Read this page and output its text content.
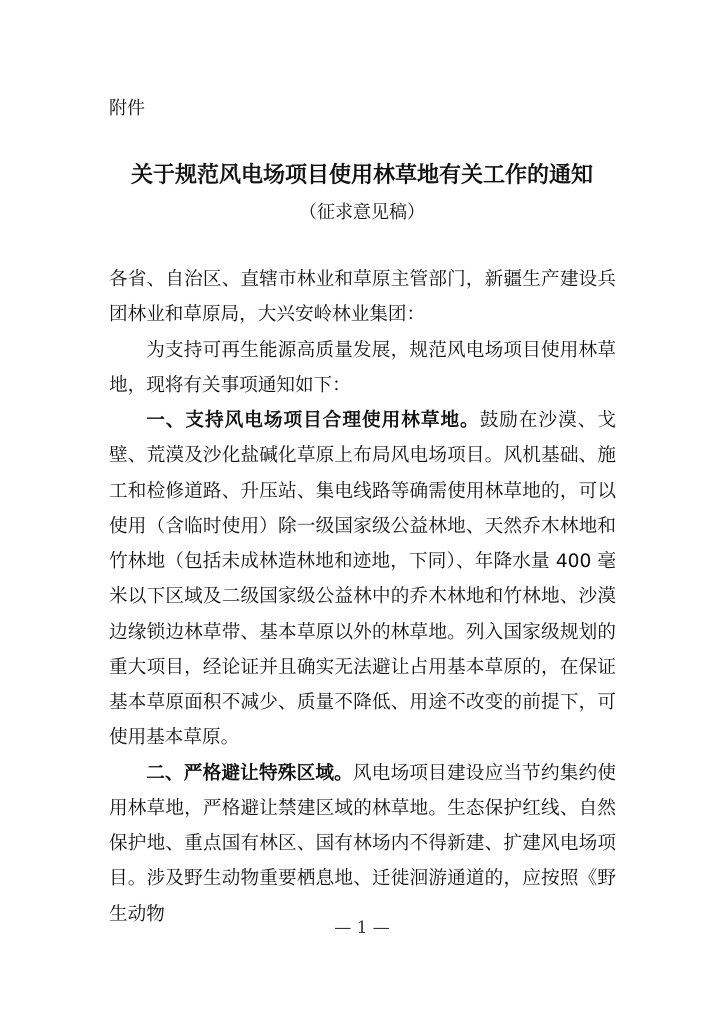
附件
关于规范风电场项目使用林草地有关工作的通知
（征求意见稿）

各省、自治区、直辖市林业和草原主管部门，新疆生产建设兵团林业和草原局，大兴安岭林业集团：

为支持可再生能源高质量发展，规范风电场项目使用林草地，现将有关事项通知如下：

一、支持风电场项目合理使用林草地。鼓励在沙漠、戈壁、荒漠及沙化盐碱化草原上布局风电场项目。风机基础、施工和检修道路、升压站、集电线路等确需使用林草地的，可以使用（含临时使用）除一级国家级公益林地、天然乔木林地和竹林地（包括未成林造林地和迹地，下同）、年降水量 400 毫米以下区域及二级国家级公益林中的乔木林地和竹林地、沙漠边缘锁边林草带、基本草原以外的林草地。列入国家级规划的重大项目，经论证并且确实无法避让占用基本草原的，在保证基本草原面积不减少、质量不降低、用途不改变的前提下，可使用基本草原。

二、严格避让特殊区域。风电场项目建设应当节约集约使用林草地，严格避让禁建区域的林草地。生态保护红线、自然保护地、重点国有林区、国有林场内不得新建、扩建风电场项目。涉及野生动物重要栖息地、迁徙洄游通道的，应按照《野生动物

— 1 —
